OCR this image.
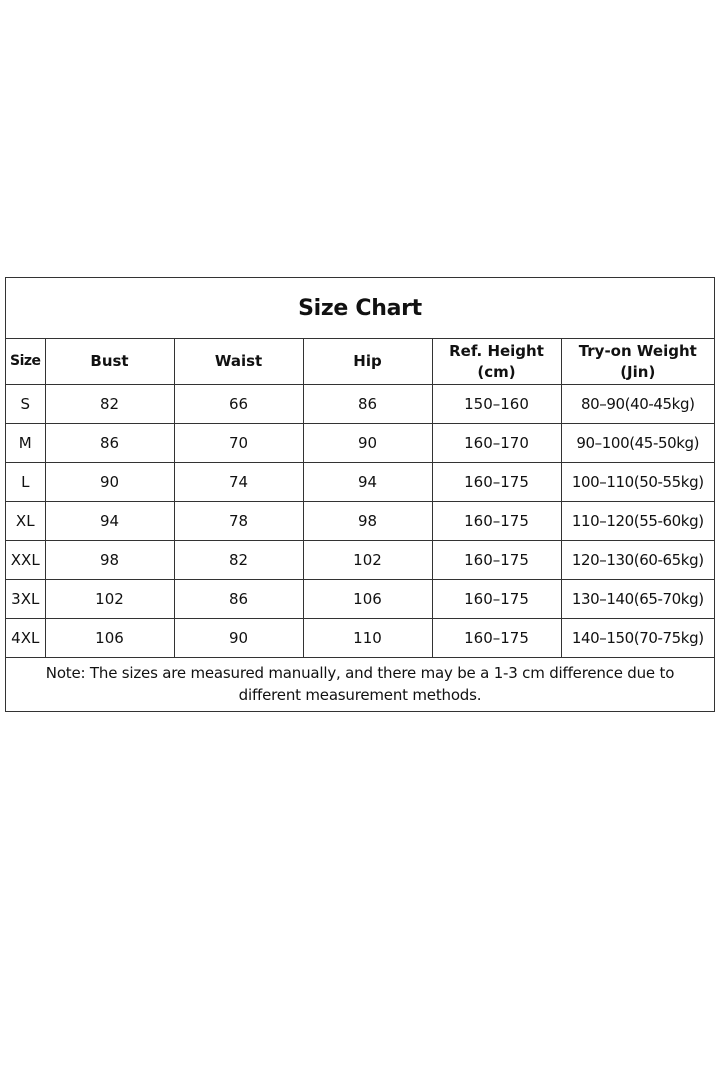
Size Chart
Size	Bust	Waist	Hip	Ref. Height (cm)	Try-on Weight (Jin)
S	82	66	86	150–160	80–90(40-45kg)
M	86	70	90	160–170	90–100(45-50kg)
L	90	74	94	160–175	100–110(50-55kg)
XL	94	78	98	160–175	110–120(55-60kg)
XXL	98	82	102	160–175	120–130(60-65kg)
3XL	102	86	106	160–175	130–140(65-70kg)
4XL	106	90	110	160–175	140–150(70-75kg)
Note: The sizes are measured manually, and there may be a 1-3 cm difference due to different measurement methods.
